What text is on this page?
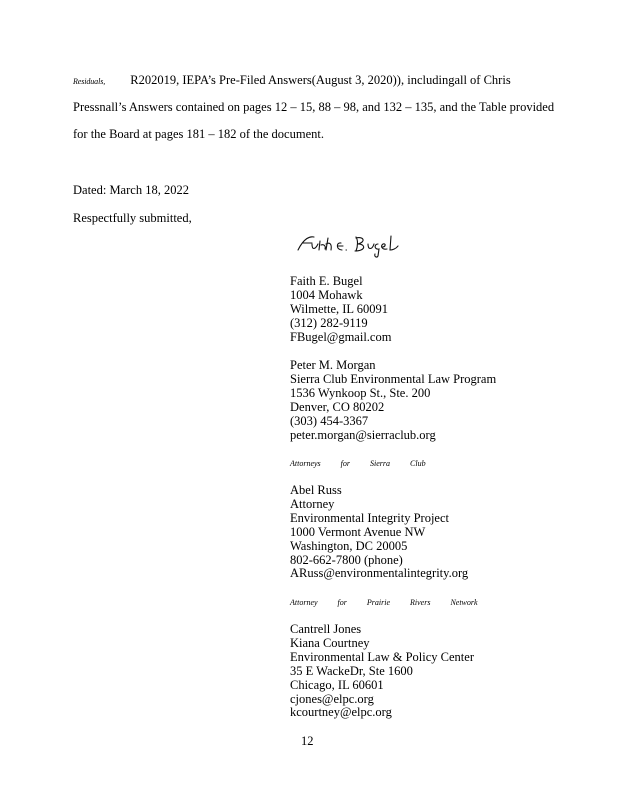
Residuals, R202019, IEPA’s Pre-Filed Answers(August 3, 2020)), includingall of Chris
Pressnall’s Answers contained on pages 12 – 15, 88 – 98, and 132 – 135, and the Table provided
for the Board at pages 181 – 182 of the document.
Dated: March 18, 2022
Respectfully submitted,
Faith E. Bugel
1004 Mohawk
Wilmette, IL 60091
(312) 282-9119
FBugel@gmail.com
Peter M. Morgan
Sierra Club Environmental Law Program
1536 Wynkoop St., Ste. 200
Denver, CO 80202
(303) 454-3367
peter.morgan@sierraclub.org
Attorneys	for	Sierra	Club
Abel Russ
Attorney
Environmental Integrity Project
1000 Vermont Avenue NW
Washington, DC 20005
802-662-7800 (phone)
ARuss@environmentalintegrity.org
Attorney	for	Prairie	Rivers	Network
Cantrell Jones
Kiana Courtney
Environmental Law & Policy Center
35 E WackeDr, Ste 1600
Chicago, IL 60601
cjones@elpc.org
kcourtney@elpc.org
12
